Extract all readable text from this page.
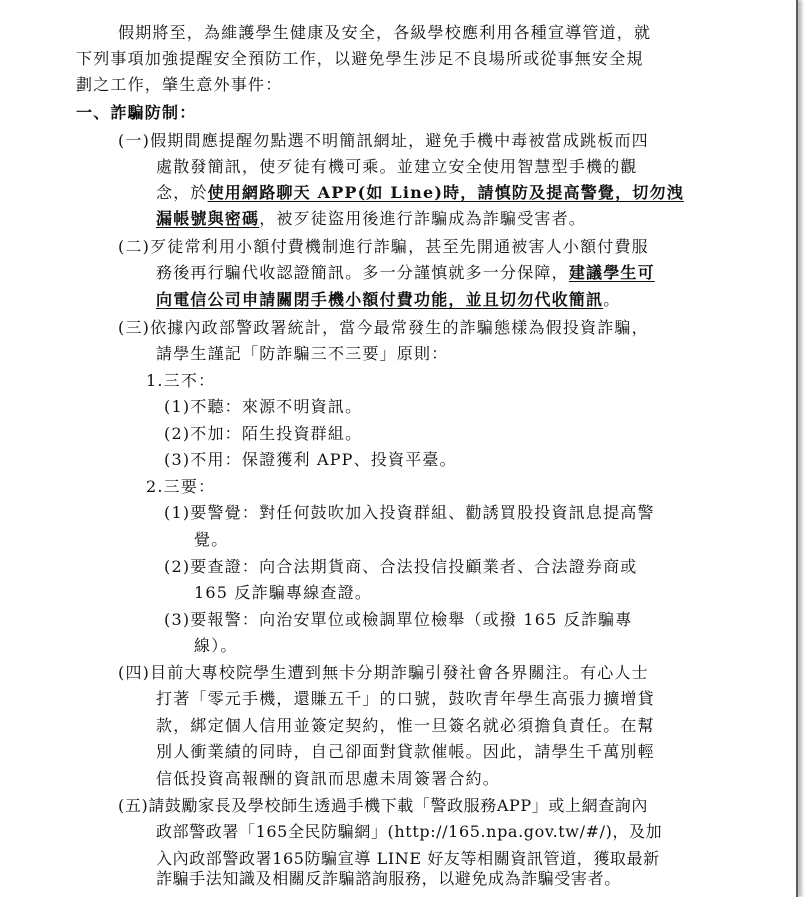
假期將至，為維護學生健康及安全，各級學校應利用各種宣導管道，就
下列事項加強提醒安全預防工作，以避免學生涉足不良場所或從事無安全規
劃之工作，肇生意外事件：
一、詐騙防制：
(一)假期間應提醒勿點選不明簡訊網址，避免手機中毒被當成跳板而四
處散發簡訊，使歹徒有機可乘。並建立安全使用智慧型手機的觀
念，於使用網路聊天 APP(如 Line)時，請慎防及提高警覺，切勿洩
漏帳號與密碼，被歹徒盜用後進行詐騙成為詐騙受害者。
(二)歹徒常利用小額付費機制進行詐騙，甚至先開通被害人小額付費服
務後再行騙代收認證簡訊。多一分謹慎就多一分保障，建議學生可
向電信公司申請關閉手機小額付費功能，並且切勿代收簡訊。
(三)依據內政部警政署統計，當今最常發生的詐騙態樣為假投資詐騙，
請學生謹記「防詐騙三不三要」原則：
1.三不：
(1)不聽：來源不明資訊。
(2)不加：陌生投資群組。
(3)不用：保證獲利 APP、投資平臺。
2.三要：
(1)要警覺：對任何鼓吹加入投資群組、勸誘買股投資訊息提高警
覺。
(2)要查證：向合法期貨商、合法投信投顧業者、合法證券商或
165 反詐騙專線查證。
(3)要報警：向治安單位或檢調單位檢舉（或撥 165 反詐騙專
線）。
(四)目前大專校院學生遭到無卡分期詐騙引發社會各界關注。有心人士
打著「零元手機，還賺五千」的口號，鼓吹青年學生高張力擴增貸
款，綁定個人信用並簽定契約，惟一旦簽名就必須擔負責任。在幫
別人衝業績的同時，自己卻面對貸款催帳。因此，請學生千萬別輕
信低投資高報酬的資訊而思慮未周簽署合約。
(五)請鼓勵家長及學校師生透過手機下載「警政服務APP」或上網查詢內
政部警政署「165全民防騙網」(http://165.npa.gov.tw/#/)，及加
入內政部警政署165防騙宣導 LINE 好友等相關資訊管道，獲取最新
詐騙手法知識及相關反詐騙諮詢服務，以避免成為詐騙受害者。
